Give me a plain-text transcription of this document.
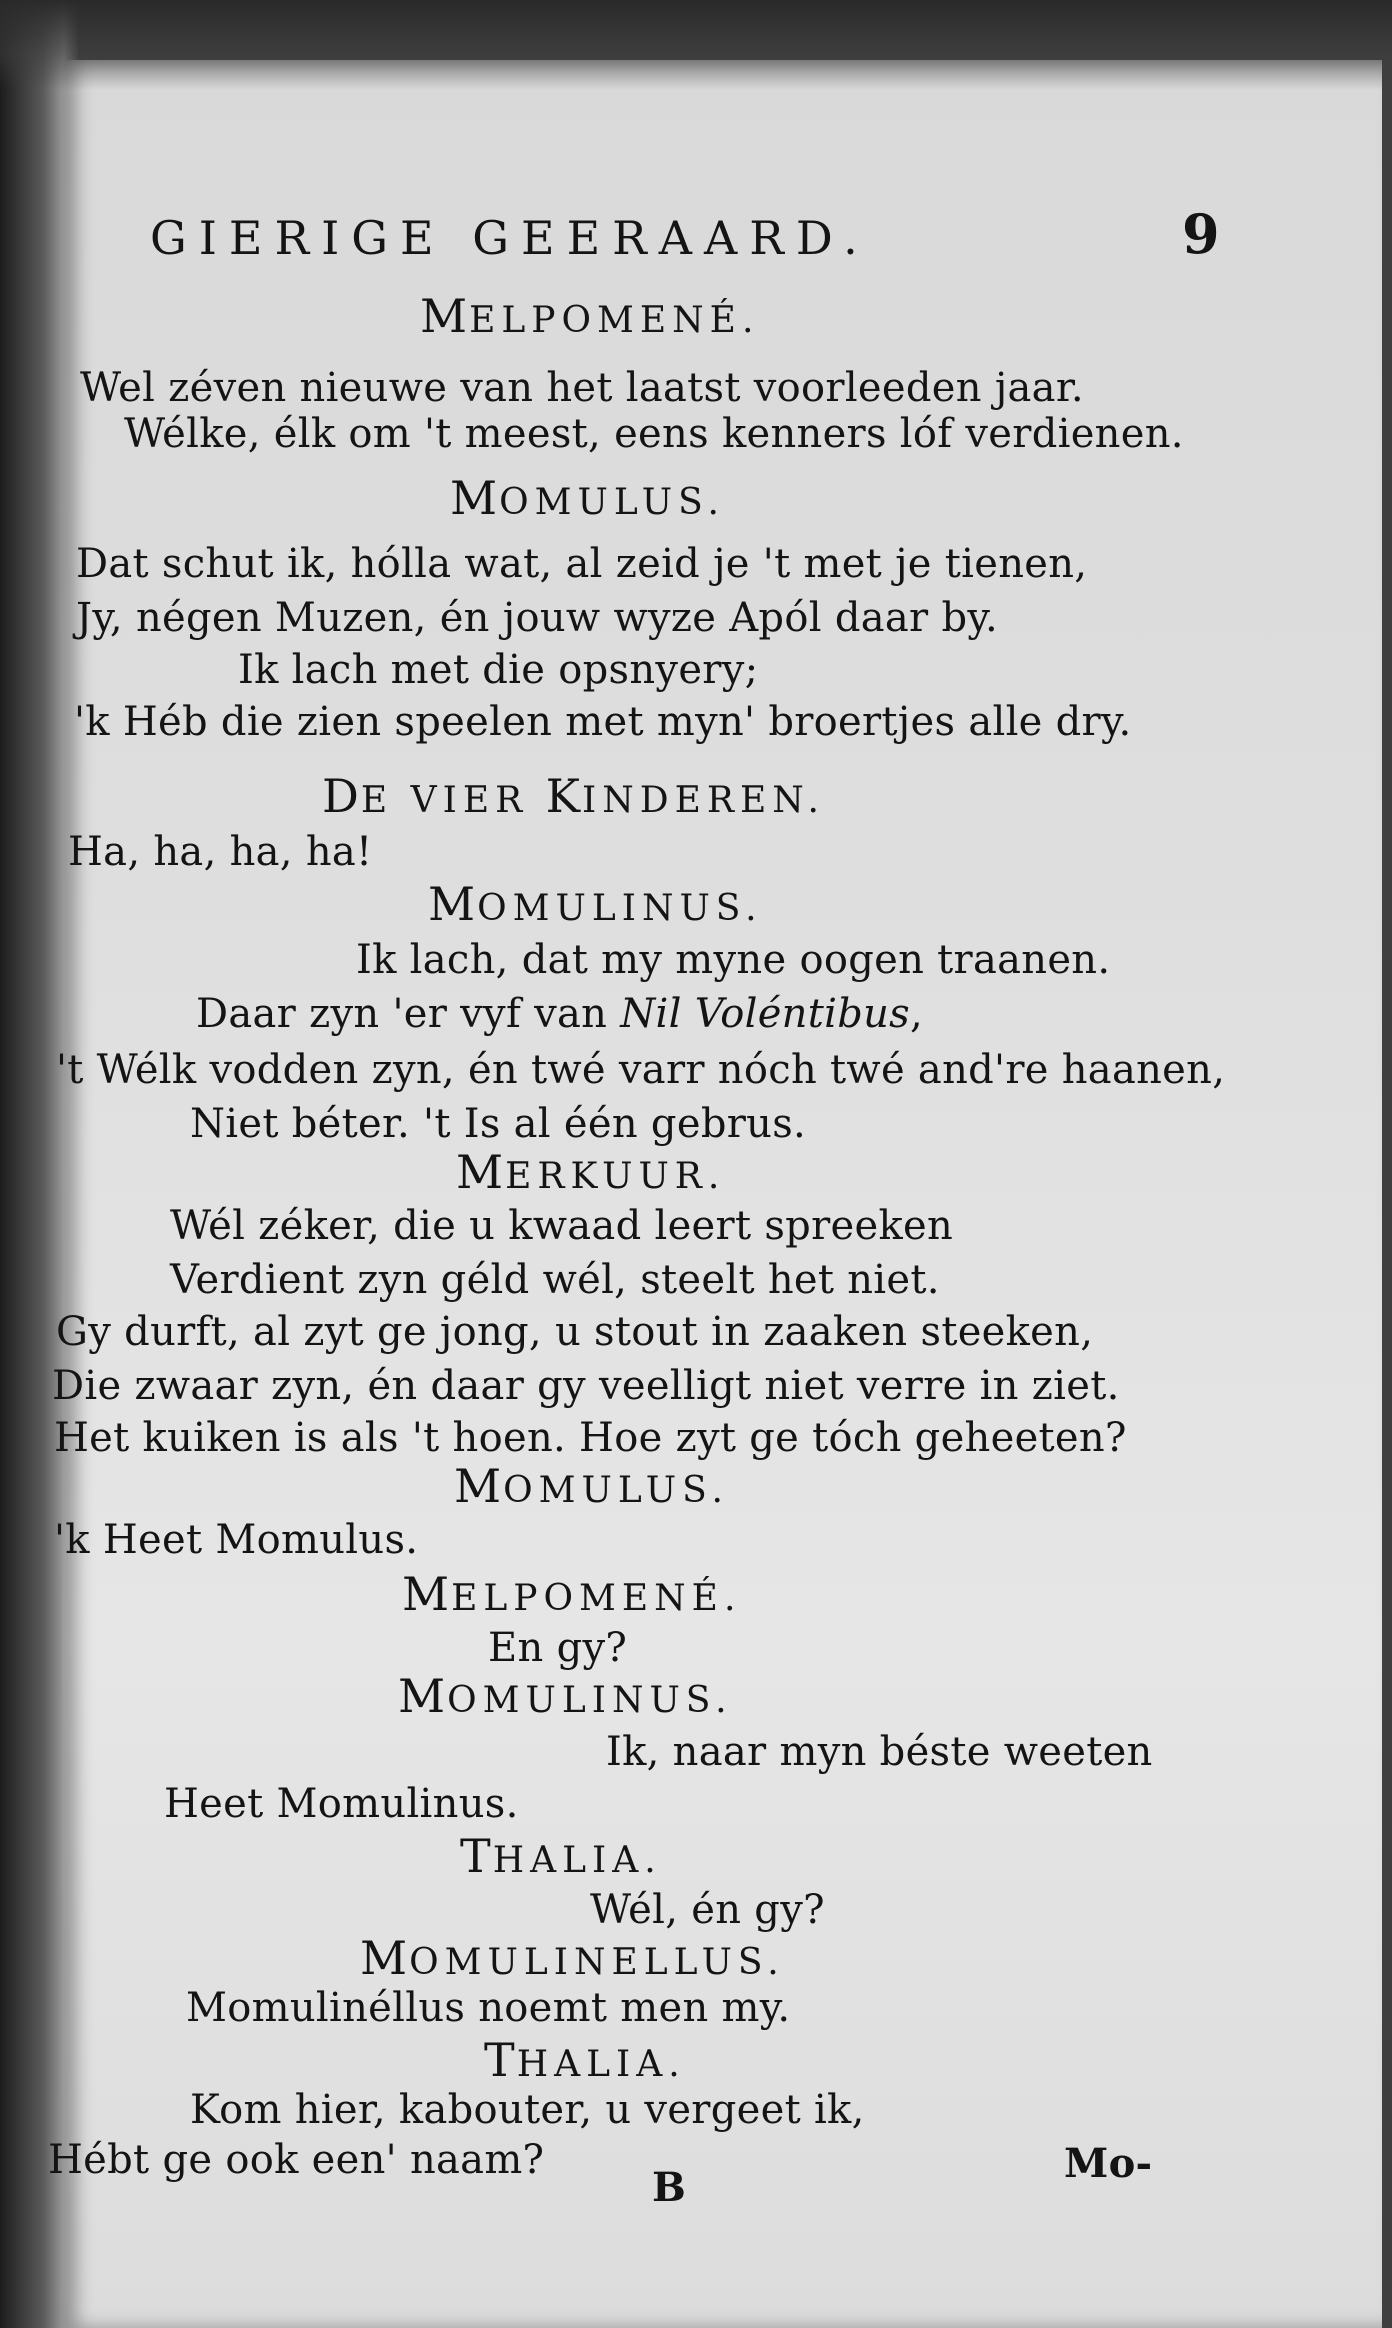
GIERIGE GEERAARD.	9
MELPOMENÉ.
Wel zéven nieuwe van het laatst voorleeden jaar.
Wélke, élk om 't meest, eens kenners lóf verdienen.
MOMULUS.
Dat schut ik, hólla wat, al zeid je 't met je tienen,
Jy, négen Muzen, én jouw wyze Apól daar by.
Ik lach met die opsnyery;
'k Héb die zien speelen met myn' broertjes alle dry.
DE VIER KINDEREN.
Ha, ha, ha, ha!
MOMULINUS.
Ik lach, dat my myne oogen traanen.
Daar zyn 'er vyf van Nil Voléntibus,
't Wélk vodden zyn, én twé varr nóch twé and're haanen,
Niet béter. 't Is al één gebrus.
MERKUUR.
Wél zéker, die u kwaad leert spreeken
Verdient zyn géld wél, steelt het niet.
Gy durft, al zyt ge jong, u stout in zaaken steeken,
Die zwaar zyn, én daar gy veelligt niet verre in ziet.
Het kuiken is als 't hoen. Hoe zyt ge tóch geheeten?
MOMULUS.
'k Heet Momulus.
MELPOMENÉ.
En gy?
MOMULINUS.
Ik, naar myn béste weeten
Heet Momulinus.
THALIA.
Wél, én gy?
MOMULINELLUS.
Momulinéllus noemt men my.
THALIA.
Kom hier, kabouter, u vergeet ik,
Hébt ge ook een' naam?
B
Mo-
